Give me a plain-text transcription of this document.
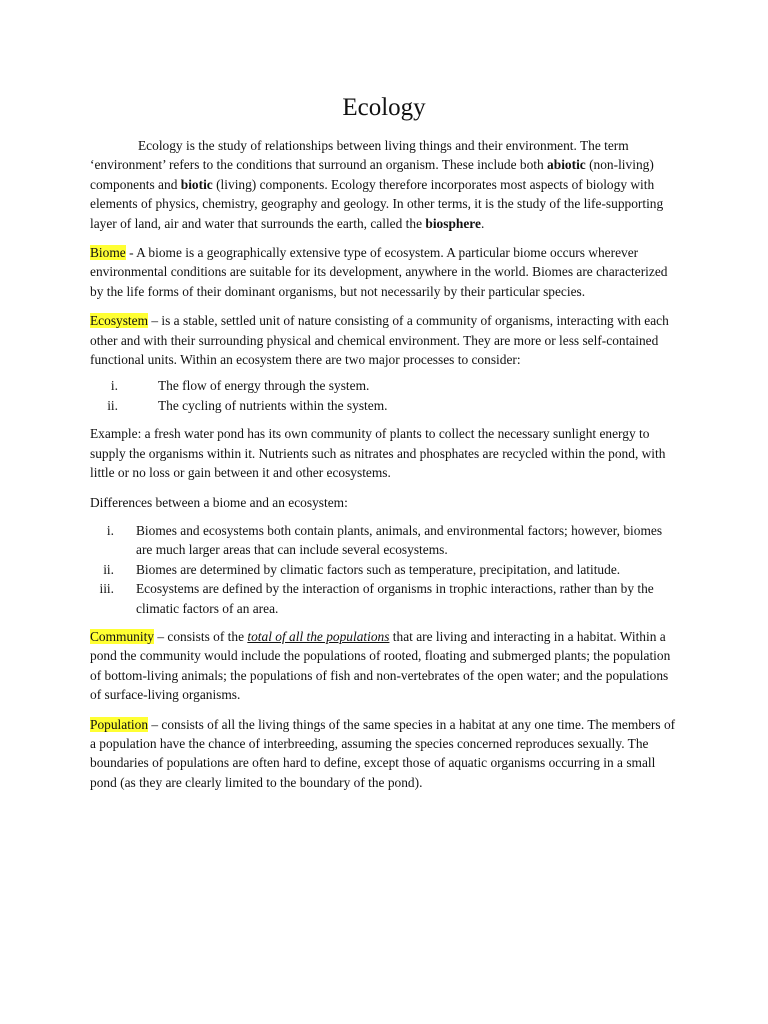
Ecology

Ecology is the study of relationships between living things and their environment. The term ‘environment’ refers to the conditions that surround an organism. These include both abiotic (non-living) components and biotic (living) components. Ecology therefore incorporates most aspects of biology with elements of physics, chemistry, geography and geology. In other terms, it is the study of the life-supporting layer of land, air and water that surrounds the earth, called the biosphere.

Biome - A biome is a geographically extensive type of ecosystem. A particular biome occurs wherever environmental conditions are suitable for its development, anywhere in the world. Biomes are characterized by the life forms of their dominant organisms, but not necessarily by their particular species.

Ecosystem – is a stable, settled unit of nature consisting of a community of organisms, interacting with each other and with their surrounding physical and chemical environment. They are more or less self-contained functional units. Within an ecosystem there are two major processes to consider:

i.	The flow of energy through the system.
ii.	The cycling of nutrients within the system.

Example: a fresh water pond has its own community of plants to collect the necessary sunlight energy to supply the organisms within it. Nutrients such as nitrates and phosphates are recycled within the pond, with little or no loss or gain between it and other ecosystems.

Differences between a biome and an ecosystem:

i. Biomes and ecosystems both contain plants, animals, and environmental factors; however, biomes are much larger areas that can include several ecosystems.
ii. Biomes are determined by climatic factors such as temperature, precipitation, and latitude.
iii. Ecosystems are defined by the interaction of organisms in trophic interactions, rather than by the climatic factors of an area.

Community – consists of the total of all the populations that are living and interacting in a habitat. Within a pond the community would include the populations of rooted, floating and submerged plants; the population of bottom-living animals; the populations of fish and non-vertebrates of the open water; and the populations of surface-living organisms.

Population – consists of all the living things of the same species in a habitat at any one time. The members of a population have the chance of interbreeding, assuming the species concerned reproduces sexually. The boundaries of populations are often hard to define, except those of aquatic organisms occurring in a small pond (as they are clearly limited to the boundary of the pond).
